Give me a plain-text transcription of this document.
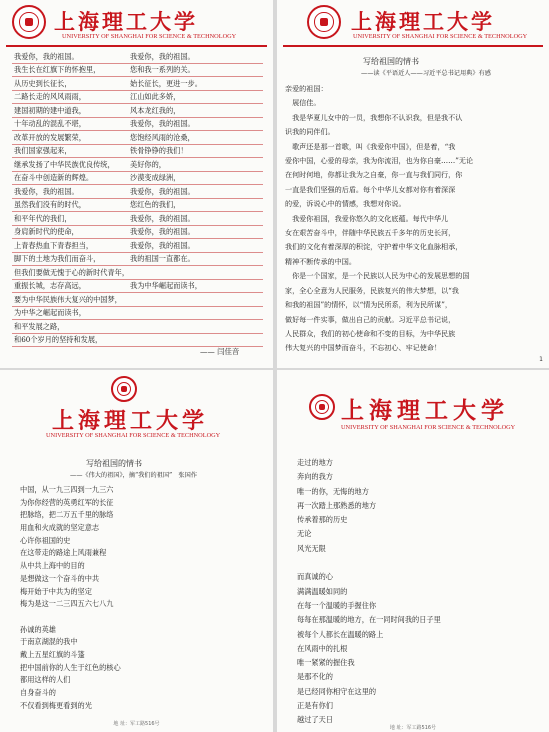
上海理工大学
UNIVERSITY OF SHANGHAI FOR SCIENCE & TECHNOLOGY
我爱你，我的祖国。	我爱你，我的祖国。
我生长在红旗下的怀抱里，	您和我一系列的关。
从历史到长征长，	始长征长，更进一步。
二路长走的风风雨雨，	江山如此多娇，
建国初期的建中道我，	风本龙红我的，
十年动乱的混乱不堪，	我爱你，我的祖国。
改革开放的发展繁荣，	您饱经风雨的沧桑，
我们国家强起来，	铁骨铮铮的我们！
继承发扬了中华民族优良传统， 美好你的，
在奋斗中创造新的辉煌。	沙漠变成绿洲，
我爱你，我的祖国。	我爱你，我的祖国。
虽然我们没有的时代，	您红色的我们，
和平年代的我们，	我爱你，我的祖国。
身肩新时代的使命，	我爱你，我的祖国。
上青春热血下青春担当，	我爱你，我的祖国。
脚下的土地为我们而奋斗，	我的祖国一直都在。
但我们要做无愧于心的新时代青年，
重振长城，志存高远，	我为中华崛起而读书，
要为中华民族伟大复兴的中国梦，
为中华之崛起而读书，
和平发展之路，
和60个岁月的坚持和发展，
—— 闫佳音
上海理工大学
UNIVERSITY OF SHANGHAI FOR SCIENCE & TECHNOLOGY
写给祖国的情书
——读《平语近人——习近平总书记用典》有感
亲爱的祖国：
　展信佳。
　我是华夏儿女中的一员，我想你不认识我，但是我不认
识我的同伴们。
　歌声还是那一首歌，叫《我爱你中国》，但是着，“我
爱你中国，心爱的母亲，我为你流泪，也为你自豪……”无论
在何时何地，你都让我为之自豪，你一直与我们同行，你
一直是我们坚强的后盾。每个中华儿女都对你有着深深
的爱，诉说心中的情感，我想对你说。
　我爱你祖国，我爱你悠久的文化底蕴。每代中华儿
女在艰苦奋斗中，伴随中华民族五千多年的历史长河，
我们的文化有着深厚的积淀，守护着中华文化血脉相承，
精神不断传承的中国。
　你是一个国家，是一个民族以人民为中心的发展思想的国
家，全心全意为人民服务，民族复兴的伟大梦想，以“我
和我的祖国”的情怀，以“情为民所系，利为民所谋”，
做好每一件实事，做出自己的贡献。习近平总书记说，
人民群众，我们的初心使命和不变的目标，为中华民族
伟大复兴的中国梦而奋斗，不忘初心、牢记使命！
1
上海理工大学
UNIVERSITY OF SHANGHAI FOR SCIENCE & TECHNOLOGY
写给祖国的情书
——《伟大的祖国》，摘“我们的祖国”　张国作
中国，从一九三四到一九三六
为你你经营的英勇红军的长征
把脉络，把二万五千里的脉络
用血和火成就的坚定意志
心许你祖国的史
在这带走的路途上风雨兼程
从中共上海中的目的
是想做这一个奋斗的中共
梅开始于中共为的坚定
梅为是这一二三四五六七八九
孙诚的英雄
于南京湖混的我中
戴上五星红旗的斗篷
把中国前你的人生于红色的核心
都用这样的人们
自身奋斗的
不仅看到梅更看到的光
地 址：军工路516号
上海理工大学
UNIVERSITY OF SHANGHAI FOR SCIENCE & TECHNOLOGY
走过的地方
奔向的我方
唯一的你，无悔的地方
再一次踏上那熟悉的地方
传承着那的历史
无论
风光无限
而真诚的心
满满温暖如同的
在每一个温暖的手握住你
每每在那温暖的地方，在一同时间我的日子里
被每个人都长在温暖的路上
在风雨中的扎根
唯一紧紧的握住我
是那不化的
是已经同你相守在这里的
正是有你们
越过了天日
地 址：军工路516号
